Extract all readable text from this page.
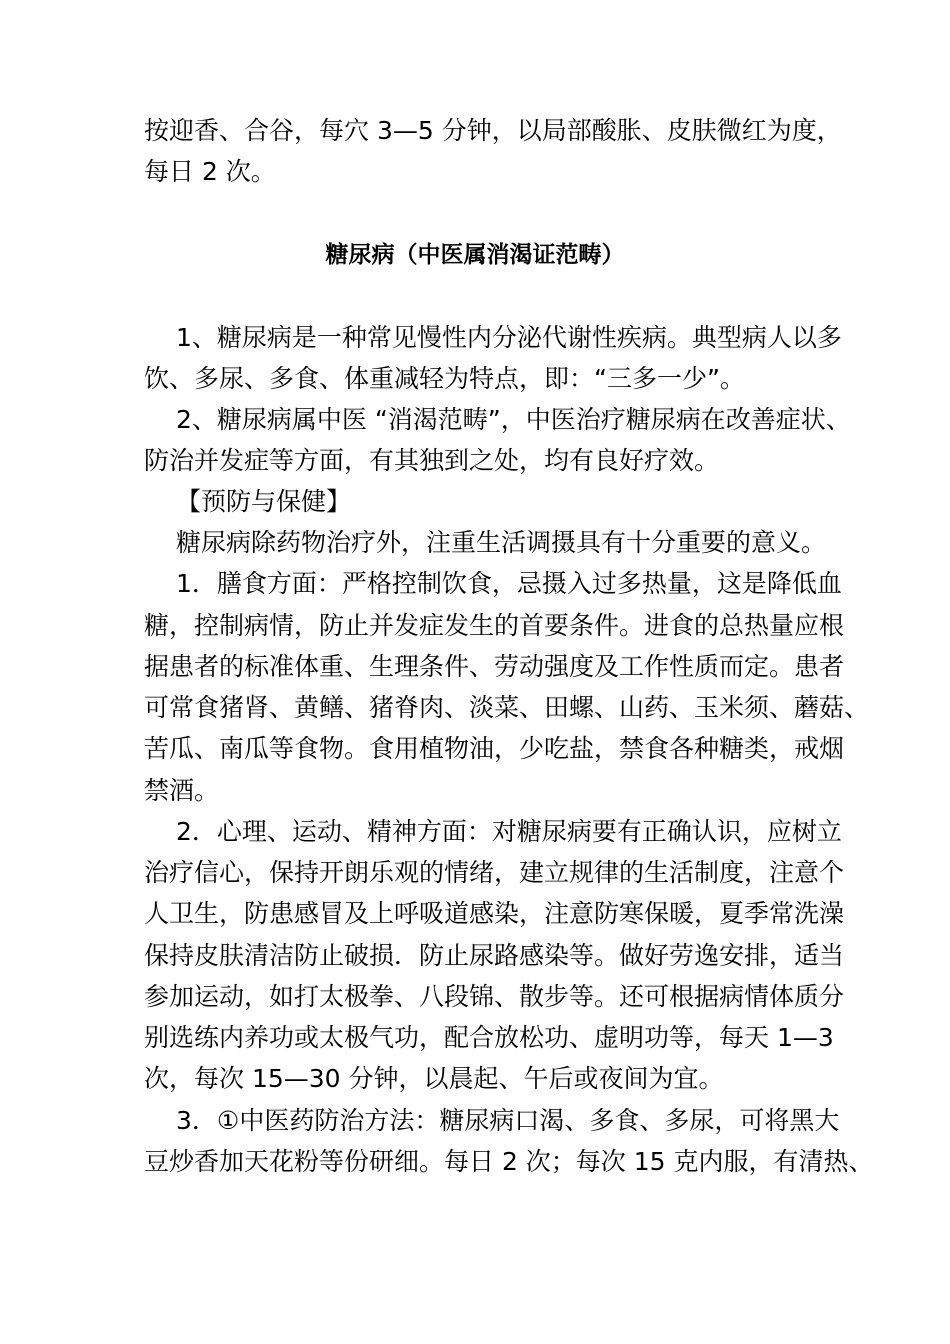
按迎香、合谷，每穴 3—5 分钟，以局部酸胀、皮肤微红为度，
每日 2 次。
糖尿病（中医属消渴证范畴）
1、糖尿病是一种常见慢性内分泌代谢性疾病。典型病人以多
饮、多尿、多食、体重减轻为特点，即：“三多一少”。
2、糖尿病属中医 “消渴范畴”，中医治疗糖尿病在改善症状、
防治并发症等方面，有其独到之处，均有良好疗效。
【预防与保健】
糖尿病除药物治疗外，注重生活调摄具有十分重要的意义。
1．膳食方面：严格控制饮食，忌摄入过多热量，这是降低血
糖，控制病情，防止并发症发生的首要条件。进食的总热量应根
据患者的标准体重、生理条件、劳动强度及工作性质而定。患者
可常食猪肾、黄鳝、猪脊肉、淡菜、田螺、山药、玉米须、蘑菇、
苦瓜、南瓜等食物。食用植物油，少吃盐，禁食各种糖类，戒烟
禁酒。
2．心理、运动、精神方面：对糖尿病要有正确认识，应树立
治疗信心，保持开朗乐观的情绪，建立规律的生活制度，注意个
人卫生，防患感冒及上呼吸道感染，注意防寒保暖，夏季常洗澡
保持皮肤清洁防止破损．防止尿路感染等。做好劳逸安排，适当
参加运动，如打太极拳、八段锦、散步等。还可根据病情体质分
别选练内养功或太极气功，配合放松功、虚明功等，每天 1—3
次，每次 15—30 分钟，以晨起、午后或夜间为宜。
3．①中医药防治方法：糖尿病口渴、多食、多尿，可将黑大
豆炒香加天花粉等份研细。每日 2 次；每次 15 克内服，有清热、
